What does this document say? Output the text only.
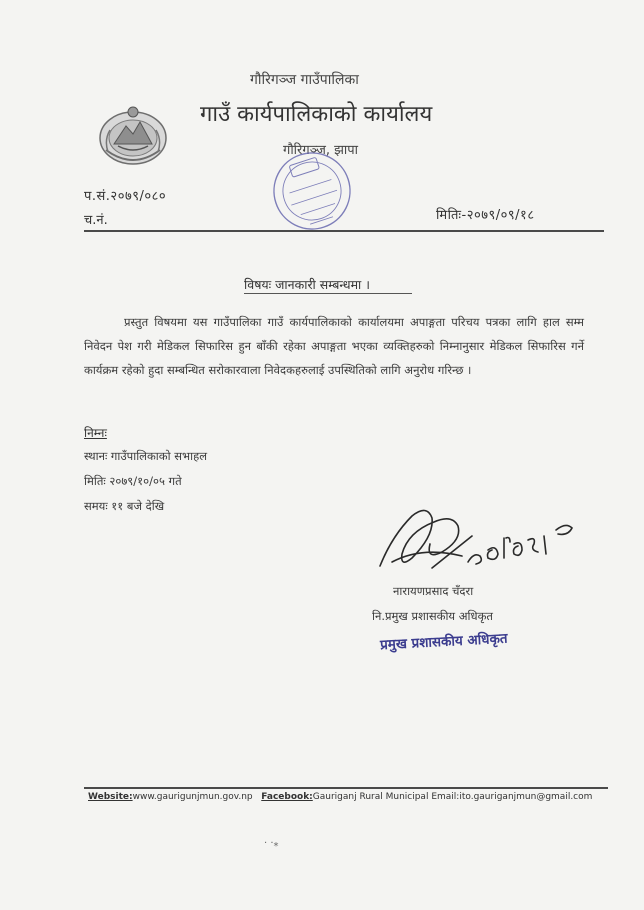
गौरिगञ्ज गाउँपालिका
गाउँ कार्यपालिकाको कार्यालय
गौरिगञ्ज, झापा
प.सं.२०७९/०८०
च.नं.	मितिः-२०७९/०९/१८
विषयः जानकारी सम्बन्धमा ।
प्रस्तुत विषयमा यस गाउँपालिका गाउँ कार्यपालिकाको कार्यालयमा अपाङ्गता परिचय पत्रका लागि हाल सम्म निवेदन पेश गरी मेडिकल सिफारिस हुन बाँकी रहेका अपाङ्गता भएका व्यक्तिहरुको निम्नानुसार मेडिकल सिफारिस गर्ने कार्यक्रम रहेको हुदा सम्बन्धित सरोकारवाला निवेदकहरुलाई उपस्थितिको लागि अनुरोध गरिन्छ ।
निम्नः
स्थानः गाउँपालिकाको सभाहल
मितिः २०७९/१०/०५ गते
समयः ११ बजे देखि
नारायणप्रसाद चँदरा
नि.प्रमुख प्रशासकीय अधिकृत
प्रमुख प्रशासकीय अधिकृत
Website:www.gaurigunjmun.gov.np Facebook:Gauriganj Rural Municipal Email:ito.gauriganjmun@gmail.com
· ·⁎
